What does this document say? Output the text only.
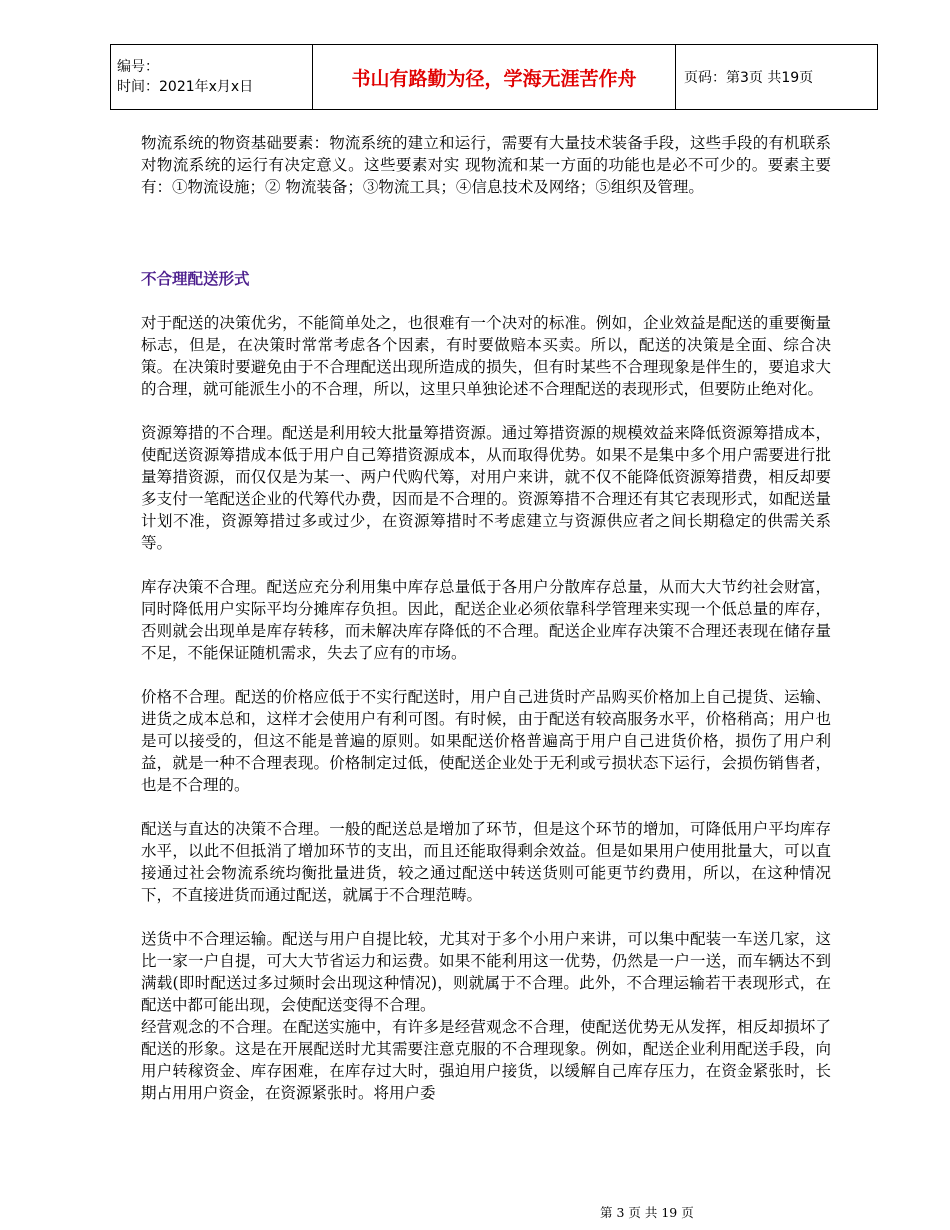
编号：
时间：2021年x月x日	书山有路勤为径，学海无涯苦作舟	页码：第3页 共19页

物流系统的物资基础要素：物流系统的建立和运行，需要有大量技术装备手段，这些手段的有机联系对物流系统的运行有决定意义。这些要素对实 现物流和某一方面的功能也是必不可少的。要素主要有：①物流设施；② 物流装备；③物流工具；④信息技术及网络；⑤组织及管理。

不合理配送形式

对于配送的决策优劣，不能简单处之，也很难有一个决对的标准。例如，企业效益是配送的重要衡量标志，但是，在决策时常常考虑各个因素，有时要做赔本买卖。所以，配送的决策是全面、综合决策。在决策时要避免由于不合理配送出现所造成的损失，但有时某些不合理现象是伴生的，要追求大的合理，就可能派生小的不合理，所以，这里只单独论述不合理配送的表现形式，但要防止绝对化。

资源筹措的不合理。配送是利用较大批量筹措资源。通过筹措资源的规模效益来降低资源筹措成本，使配送资源筹措成本低于用户自己筹措资源成本，从而取得优势。如果不是集中多个用户需要进行批量筹措资源，而仅仅是为某一、两户代购代筹，对用户来讲，就不仅不能降低资源筹措费，相反却要多支付一笔配送企业的代筹代办费，因而是不合理的。资源筹措不合理还有其它表现形式，如配送量计划不准，资源筹措过多或过少，在资源筹措时不考虑建立与资源供应者之间长期稳定的供需关系等。

库存决策不合理。配送应充分利用集中库存总量低于各用户分散库存总量，从而大大节约社会财富，同时降低用户实际平均分摊库存负担。因此，配送企业必须依靠科学管理来实现一个低总量的库存，否则就会出现单是库存转移，而未解决库存降低的不合理。配送企业库存决策不合理还表现在储存量不足，不能保证随机需求，失去了应有的市场。

价格不合理。配送的价格应低于不实行配送时，用户自己进货时产品购买价格加上自己提货、运输、进货之成本总和，这样才会使用户有利可图。有时候，由于配送有较高服务水平，价格稍高；用户也是可以接受的，但这不能是普遍的原则。如果配送价格普遍高于用户自己进货价格，损伤了用户利益，就是一种不合理表现。价格制定过低，使配送企业处于无利或亏损状态下运行，会损伤销售者，也是不合理的。

配送与直达的决策不合理。一般的配送总是增加了环节，但是这个环节的增加，可降低用户平均库存水平，以此不但抵消了增加环节的支出，而且还能取得剩余效益。但是如果用户使用批量大，可以直接通过社会物流系统均衡批量进货，较之通过配送中转送货则可能更节约费用，所以，在这种情况下，不直接进货而通过配送，就属于不合理范畴。

送货中不合理运输。配送与用户自提比较，尤其对于多个小用户来讲，可以集中配装一车送几家，这比一家一户自提，可大大节省运力和运费。如果不能利用这一优势，仍然是一户一送，而车辆达不到满载(即时配送过多过频时会出现这种情况)，则就属于不合理。此外，不合理运输若干表现形式，在配送中都可能出现，会使配送变得不合理。

经营观念的不合理。在配送实施中，有许多是经营观念不合理，使配送优势无从发挥，相反却损坏了配送的形象。这是在开展配送时尤其需要注意克服的不合理现象。例如，配送企业利用配送手段，向用户转稼资金、库存困难，在库存过大时，强迫用户接货，以缓解自己库存压力，在资金紧张时，长期占用用户资金，在资源紧张时。将用户委

第 3 页 共 19 页
